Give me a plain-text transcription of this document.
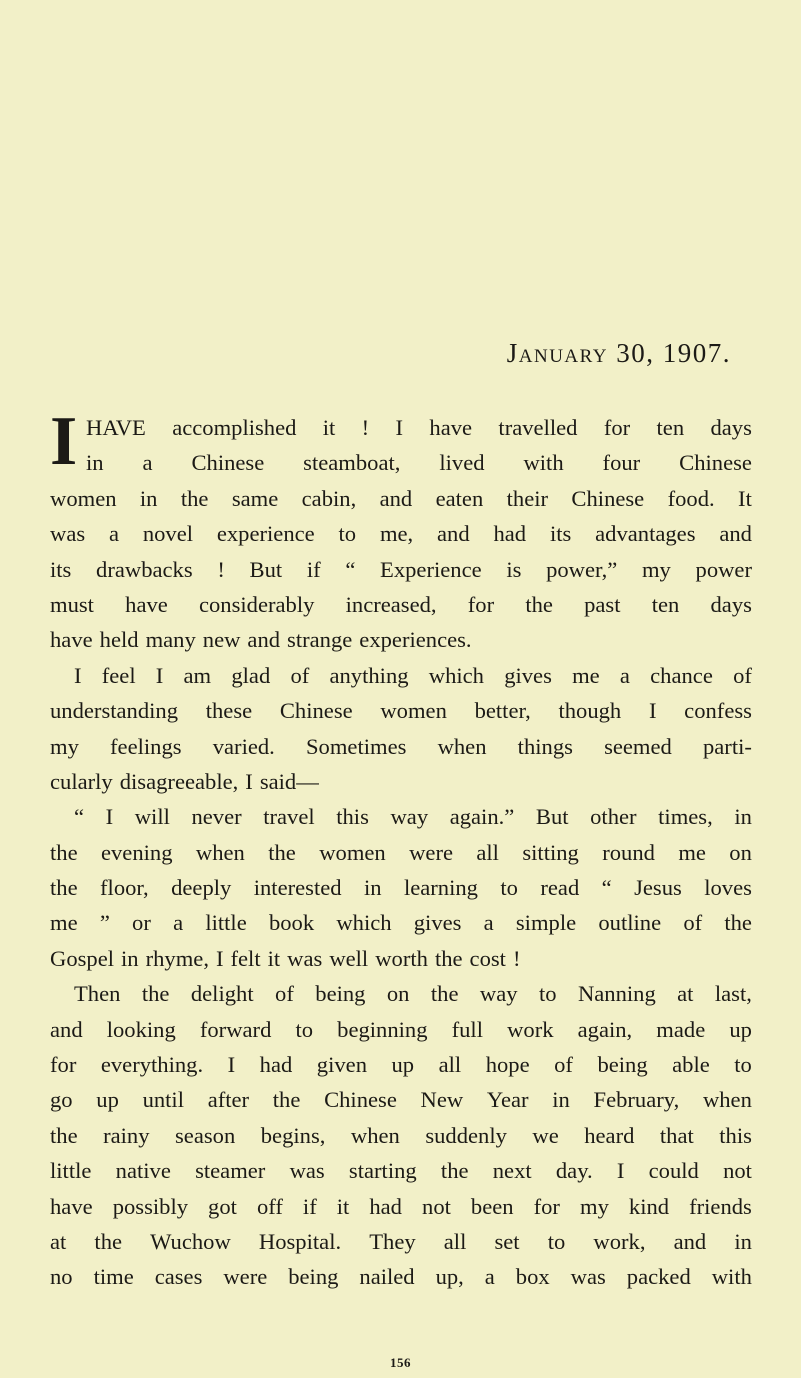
January 30, 1907.
I HAVE accomplished it ! I have travelled for ten days
in a Chinese steamboat, lived with four Chinese
women in the same cabin, and eaten their Chinese food. It
was a novel experience to me, and had its advantages and
its drawbacks ! But if “ Experience is power,” my power
must have considerably increased, for the past ten days
have held many new and strange experiences.
I feel I am glad of anything which gives me a chance of
understanding these Chinese women better, though I confess
my feelings varied. Sometimes when things seemed parti-
cularly disagreeable, I said—
“ I will never travel this way again.” But other times, in
the evening when the women were all sitting round me on
the floor, deeply interested in learning to read “ Jesus loves
me ” or a little book which gives a simple outline of the
Gospel in rhyme, I felt it was well worth the cost !
Then the delight of being on the way to Nanning at last,
and looking forward to beginning full work again, made up
for everything. I had given up all hope of being able to
go up until after the Chinese New Year in February, when
the rainy season begins, when suddenly we heard that this
little native steamer was starting the next day. I could not
have possibly got off if it had not been for my kind friends
at the Wuchow Hospital. They all set to work, and in
no time cases were being nailed up, a box was packed with
156
